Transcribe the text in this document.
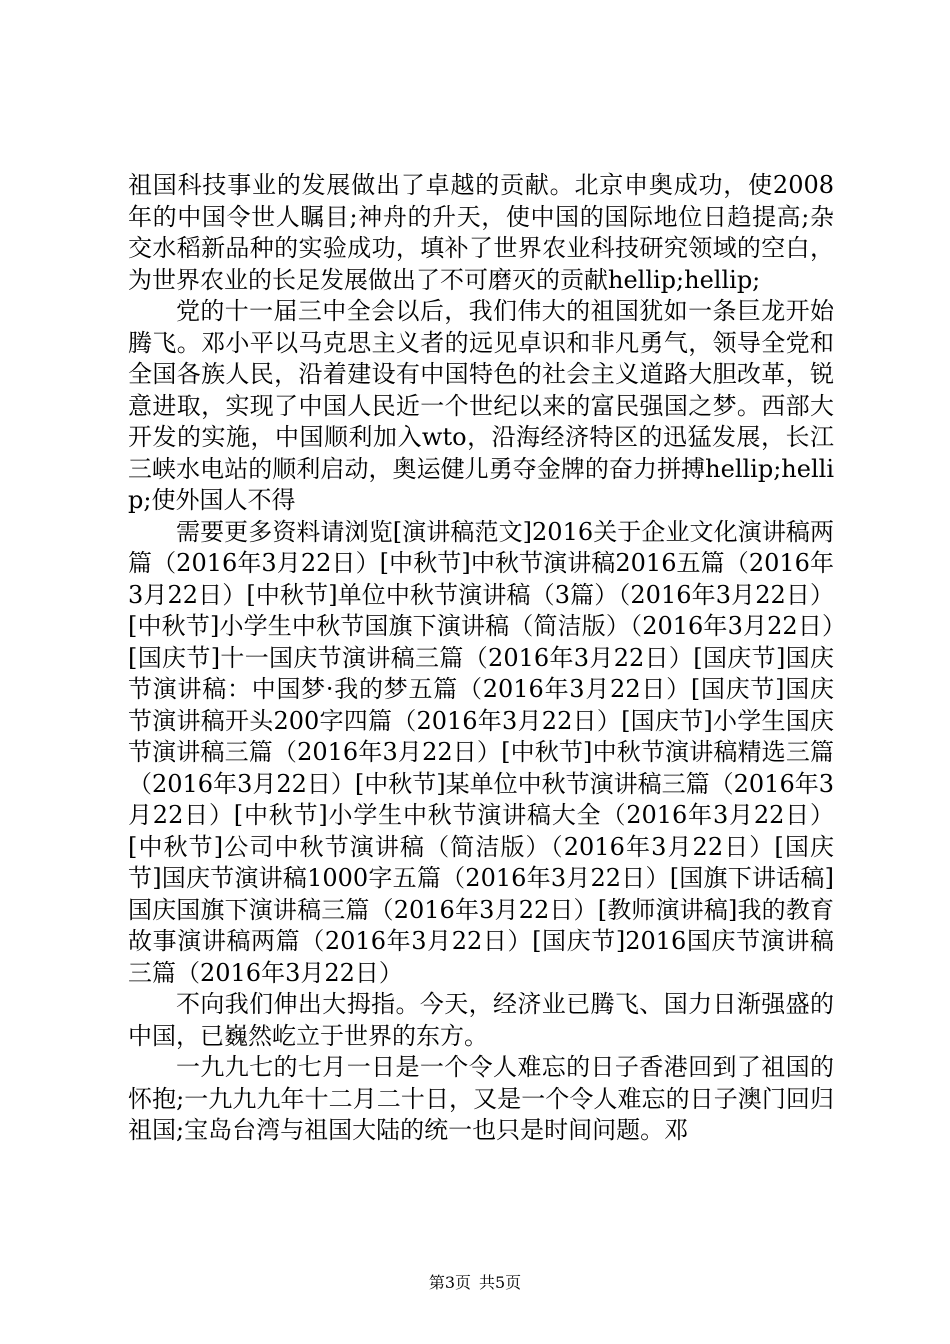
祖国科技事业的发展做出了卓越的贡献。北京申奥成功，使2008年的中国令世人瞩目;神舟的升天，使中国的国际地位日趋提高;杂交水稻新品种的实验成功，填补了世界农业科技研究领域的空白，为世界农业的长足发展做出了不可磨灭的贡献hellip;hellip;

党的十一届三中全会以后，我们伟大的祖国犹如一条巨龙开始腾飞。邓小平以马克思主义者的远见卓识和非凡勇气，领导全党和全国各族人民，沿着建设有中国特色的社会主义道路大胆改革，锐意进取，实现了中国人民近一个世纪以来的富民强国之梦。西部大开发的实施，中国顺利加入wto，沿海经济特区的迅猛发展，长江三峡水电站的顺利启动，奥运健儿勇夺金牌的奋力拼搏hellip;hellip;使外国人不得

需要更多资料请浏览[演讲稿范文]2016关于企业文化演讲稿两篇（2016年3月22日）[中秋节]中秋节演讲稿2016五篇（2016年3月22日）[中秋节]单位中秋节演讲稿（3篇）（2016年3月22日）[中秋节]小学生中秋节国旗下演讲稿（简洁版）（2016年3月22日）[国庆节]十一国庆节演讲稿三篇（2016年3月22日）[国庆节]国庆节演讲稿：中国梦·我的梦五篇（2016年3月22日）[国庆节]国庆节演讲稿开头200字四篇（2016年3月22日）[国庆节]小学生国庆节演讲稿三篇（2016年3月22日）[中秋节]中秋节演讲稿精选三篇（2016年3月22日）[中秋节]某单位中秋节演讲稿三篇（2016年3月22日）[中秋节]小学生中秋节演讲稿大全（2016年3月22日）[中秋节]公司中秋节演讲稿（简洁版）（2016年3月22日）[国庆节]国庆节演讲稿1000字五篇（2016年3月22日）[国旗下讲话稿]国庆国旗下演讲稿三篇（2016年3月22日）[教师演讲稿]我的教育故事演讲稿两篇（2016年3月22日）[国庆节]2016国庆节演讲稿三篇（2016年3月22日）

不向我们伸出大拇指。今天，经济业已腾飞、国力日渐强盛的中国，已巍然屹立于世界的东方。

一九九七的七月一日是一个令人难忘的日子香港回到了祖国的怀抱;一九九九年十二月二十日，又是一个令人难忘的日子澳门回归祖国;宝岛台湾与祖国大陆的统一也只是时间问题。邓

第3页 共5页
